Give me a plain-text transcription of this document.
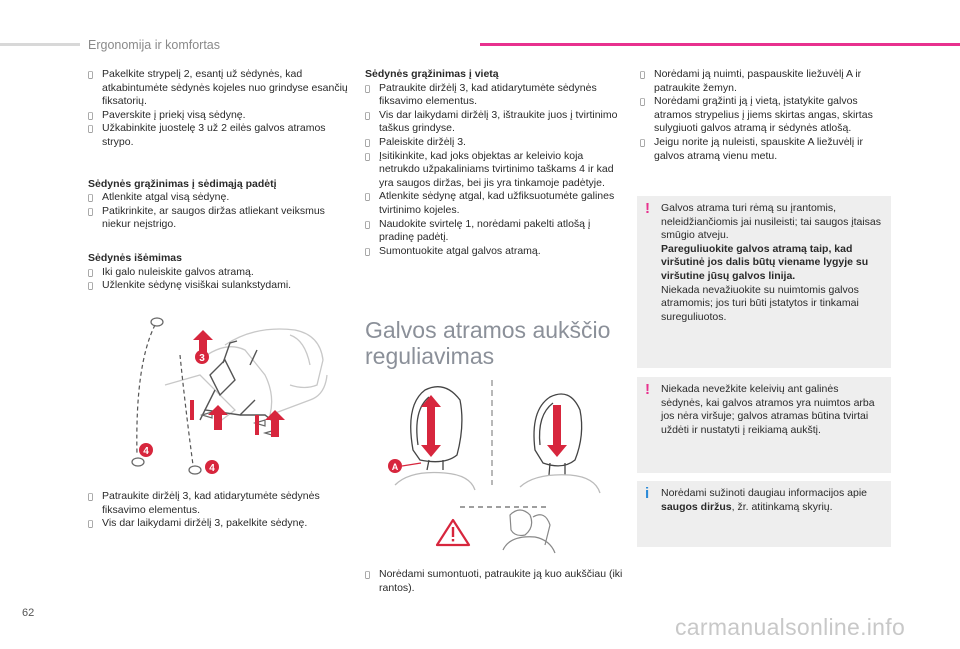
Ergonomija ir komfortas
Pakelkite strypelį 2, esantį už sėdynės, kad atkabintumėte sėdynės kojeles nuo grindyse esančių fiksatorių.
Paverskite į priekį visą sėdynę.
Užkabinkite juostelę 3 už 2 eilės galvos atramos strypo.

Sėdynės grąžinimas į sėdimąją padėtį

Atlenkite atgal visą sėdynę.
Patikrinkite, ar saugos diržas atliekant veiksmus niekur neįstrigo.

Sėdynės išėmimas

Iki galo nuleiskite galvos atramą.
Užlenkite sėdynę visiškai sulankstydami.
3
4
4
Patraukite diržėlį 3, kad atidarytumėte sėdynės fiksavimo elementus.
Vis dar laikydami diržėlį 3, pakelkite sėdynę.

Sėdynės grąžinimas į vietą

Patraukite diržėlį 3, kad atidarytumėte sėdynės fiksavimo elementus.
Vis dar laikydami diržėlį 3, ištraukite juos į tvirtinimo taškus grindyse.
Paleiskite diržėlį 3.
Įsitikinkite, kad joks objektas ar keleivio koja netrukdo užpakaliniams tvirtinimo taškams 4 ir kad yra saugos diržas, bei jis yra tinkamoje padėtyje.
Atlenkite sėdynę atgal, kad užfiksuotumėte galines tvirtinimo kojeles.
Naudokite svirtelę 1, norėdami pakelti atlošą į pradinę padėtį.
Sumontuokite atgal galvos atramą.
Galvos atramos aukščio
reguliavimas
A
Norėdami sumontuoti, patraukite ją kuo aukščiau (iki rantos).
Norėdami ją nuimti, paspauskite liežuvėlį A ir patraukite žemyn.
Norėdami grąžinti ją į vietą, įstatykite galvos atramos strypelius į jiems skirtas angas, skirtas sulygiuoti galvos atramą ir sėdynės atlošą.
Jeigu norite ją nuleisti, spauskite A liežuvėlį ir galvos atramą vienu metu.
! Galvos atrama turi rėmą su įrantomis, neleidžiančiomis jai nusileisti; tai saugos įtaisas smūgio atveju.
Pareguliuokite galvos atramą taip, kad viršutinė jos dalis būtų viename lygyje su viršutine jūsų galvos linija.
Niekada nevažiuokite su nuimtomis galvos atramomis; jos turi būti įstatytos ir tinkamai sureguliuotos.
! Niekada nevežkite keleivių ant galinės sėdynės, kai galvos atramos yra nuimtos arba jos nėra viršuje; galvos atramas būtina tvirtai uždėti ir nustatyti į reikiamą aukštį.
i Norėdami sužinoti daugiau informacijos apie saugos diržus, žr. atitinkamą skyrių.
62
carmanualsonline.info
